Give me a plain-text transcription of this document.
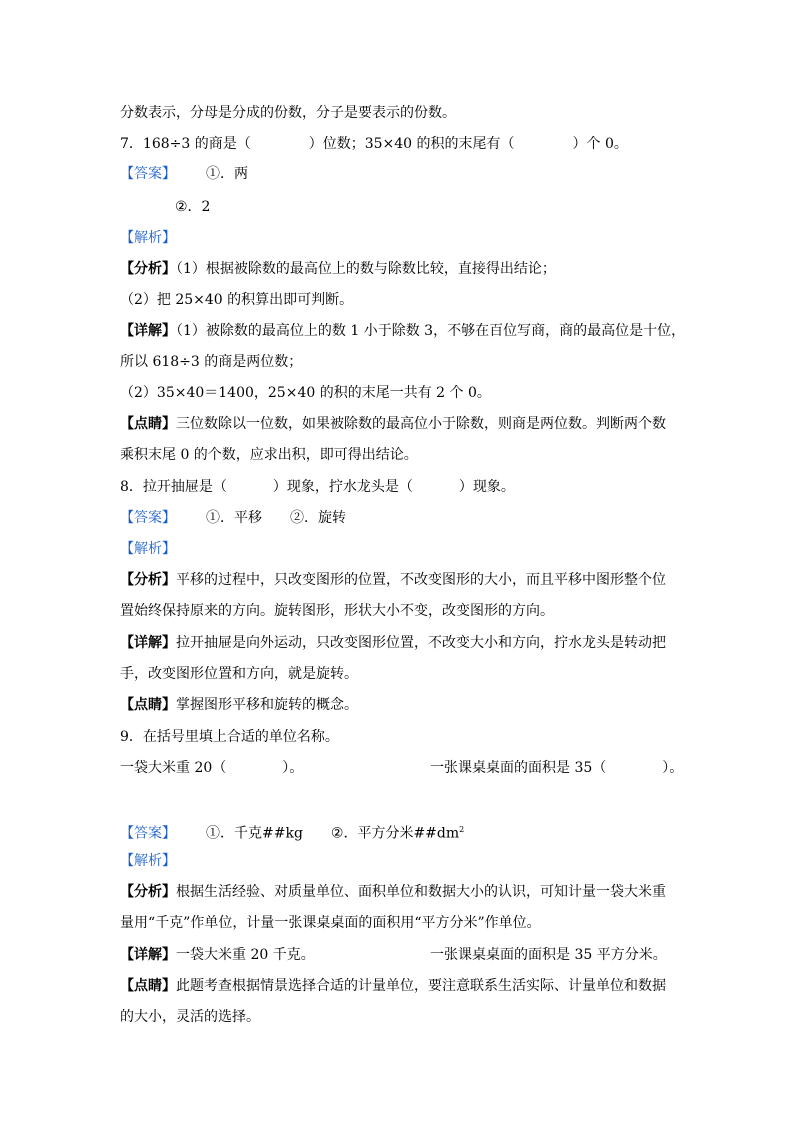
分数表示，分母是分成的份数，分子是要表示的份数。
7．168÷3 的商是（	）位数；35×40 的积的末尾有（	）个 0。
【答案】 ①．两
②．2
【解析】
【分析】（1）根据被除数的最高位上的数与除数比较，直接得出结论；
（2）把 25×40 的积算出即可判断。
【详解】（1）被除数的最高位上的数 1 小于除数 3，不够在百位写商，商的最高位是十位，
所以 618÷3 的商是两位数；
（2）35×40＝1400，25×40 的积的末尾一共有 2 个 0。
【点睛】三位数除以一位数，如果被除数的最高位小于除数，则商是两位数。判断两个数
乘积末尾 0 的个数，应求出积，即可得出结论。
8．拉开抽屉是（	）现象，拧水龙头是（	）现象。
【答案】 ①．平移 ②．旋转
【解析】
【分析】平移的过程中，只改变图形的位置，不改变图形的大小，而且平移中图形整个位
置始终保持原来的方向。旋转图形，形状大小不变，改变图形的方向。
【详解】拉开抽屉是向外运动，只改变图形位置，不改变大小和方向，拧水龙头是转动把
手，改变图形位置和方向，就是旋转。
【点睛】掌握图形平移和旋转的概念。
9．在括号里填上合适的单位名称。
一袋大米重 20（	）。	一张课桌桌面的面积是 35（	）。
【答案】 ①．千克##kg ②．平方分米$\#\#dm^2$
【解析】
【分析】根据生活经验、对质量单位、面积单位和数据大小的认识，可知计量一袋大米重
量用“千克”作单位，计量一张课桌桌面的面积用“平方分米”作单位。
【详解】一袋大米重 20 千克。	一张课桌桌面的面积是 35 平方分米。
【点睛】此题考查根据情景选择合适的计量单位，要注意联系生活实际、计量单位和数据
的大小，灵活的选择。
